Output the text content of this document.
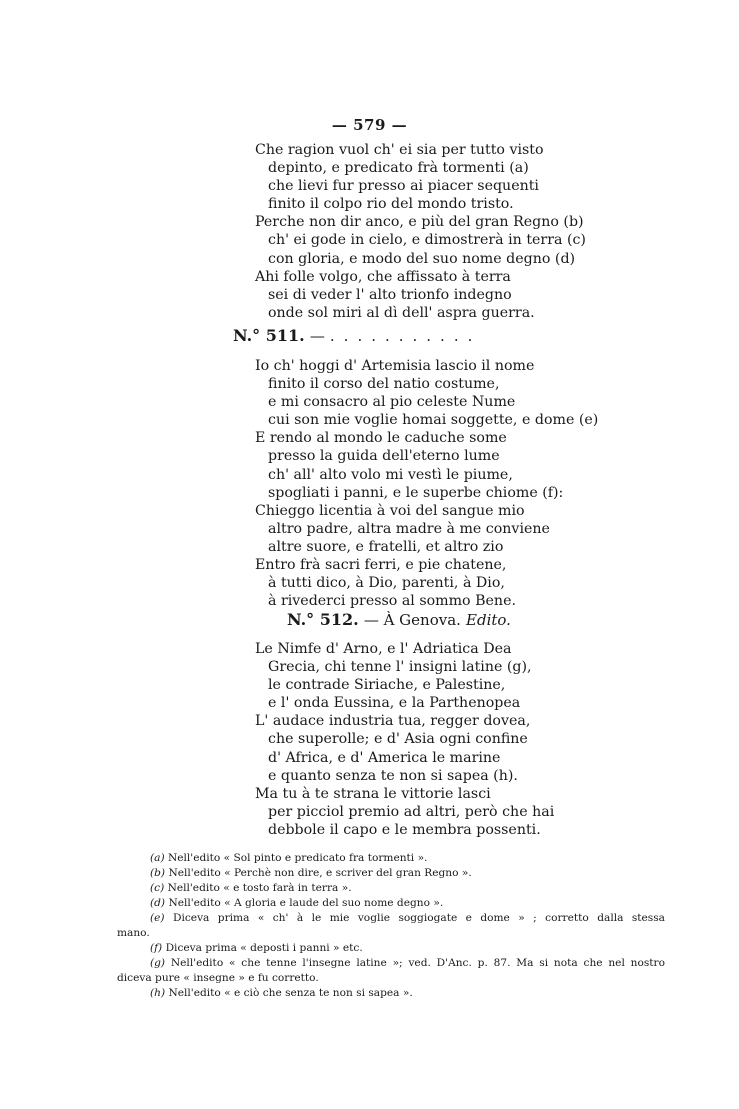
— 579 —
Che ragion vuol ch' ei sia per tutto visto
depinto, e predicato frà tormenti (a)
che lievi fur presso ai piacer sequenti
finito il colpo rio del mondo tristo.
Perche non dir anco, e più del gran Regno (b)
ch' ei gode in cielo, e dimostrerà in terra (c)
con gloria, e modo del suo nome degno (d)
Ahi folle volgo, che affissato à terra
sei di veder l' alto trionfo indegno
onde sol miri al dì dell' aspra guerra.
N.° 511. — ...........
Io ch' hoggi d' Artemisia lascio il nome
finito il corso del natio costume,
e mi consacro al pio celeste Nume
cui son mie voglie homai soggette, e dome (e)
E rendo al mondo le caduche some
presso la guida dell'eterno lume
ch' all' alto volo mi vestì le piume,
spogliati i panni, e le superbe chiome (f):
Chieggo licentia à voi del sangue mio
altro padre, altra madre à me conviene
altre suore, e fratelli, et altro zio
Entro frà sacri ferri, e pie chatene,
à tutti dico, à Dio, parenti, à Dio,
à rivederci presso al sommo Bene.
N.° 512. — À Genova. Edito.
Le Nimfe d' Arno, e l' Adriatica Dea
Grecia, chi tenne l' insigni latine (g),
le contrade Siriache, e Palestine,
e l' onda Eussina, e la Parthenopea
L' audace industria tua, regger dovea,
che superolle; e d' Asia ogni confine
d' Africa, e d' America le marine
e quanto senza te non si sapea (h).
Ma tu à te strana le vittorie lasci
per picciol premio ad altri, però che hai
debbole il capo e le membra possenti.
(a) Nell'edito « Sol pinto e predicato fra tormenti ».
(b) Nell'edito « Perchè non dire, e scriver del gran Regno ».
(c) Nell'edito « e tosto farà in terra ».
(d) Nell'edito « A gloria e laude del suo nome degno ».
(e) Diceva prima « ch' à le mie voglie soggiogate e dome » ; corretto dalla stessa
mano.
(f) Diceva prima « deposti i panni » etc.
(g) Nell'edito « che tenne l'insegne latine »; ved. D'Anc. p. 87. Ma si nota che nel nostro
diceva pure « insegne » e fu corretto.
(h) Nell'edito « e ciò che senza te non si sapea ».
